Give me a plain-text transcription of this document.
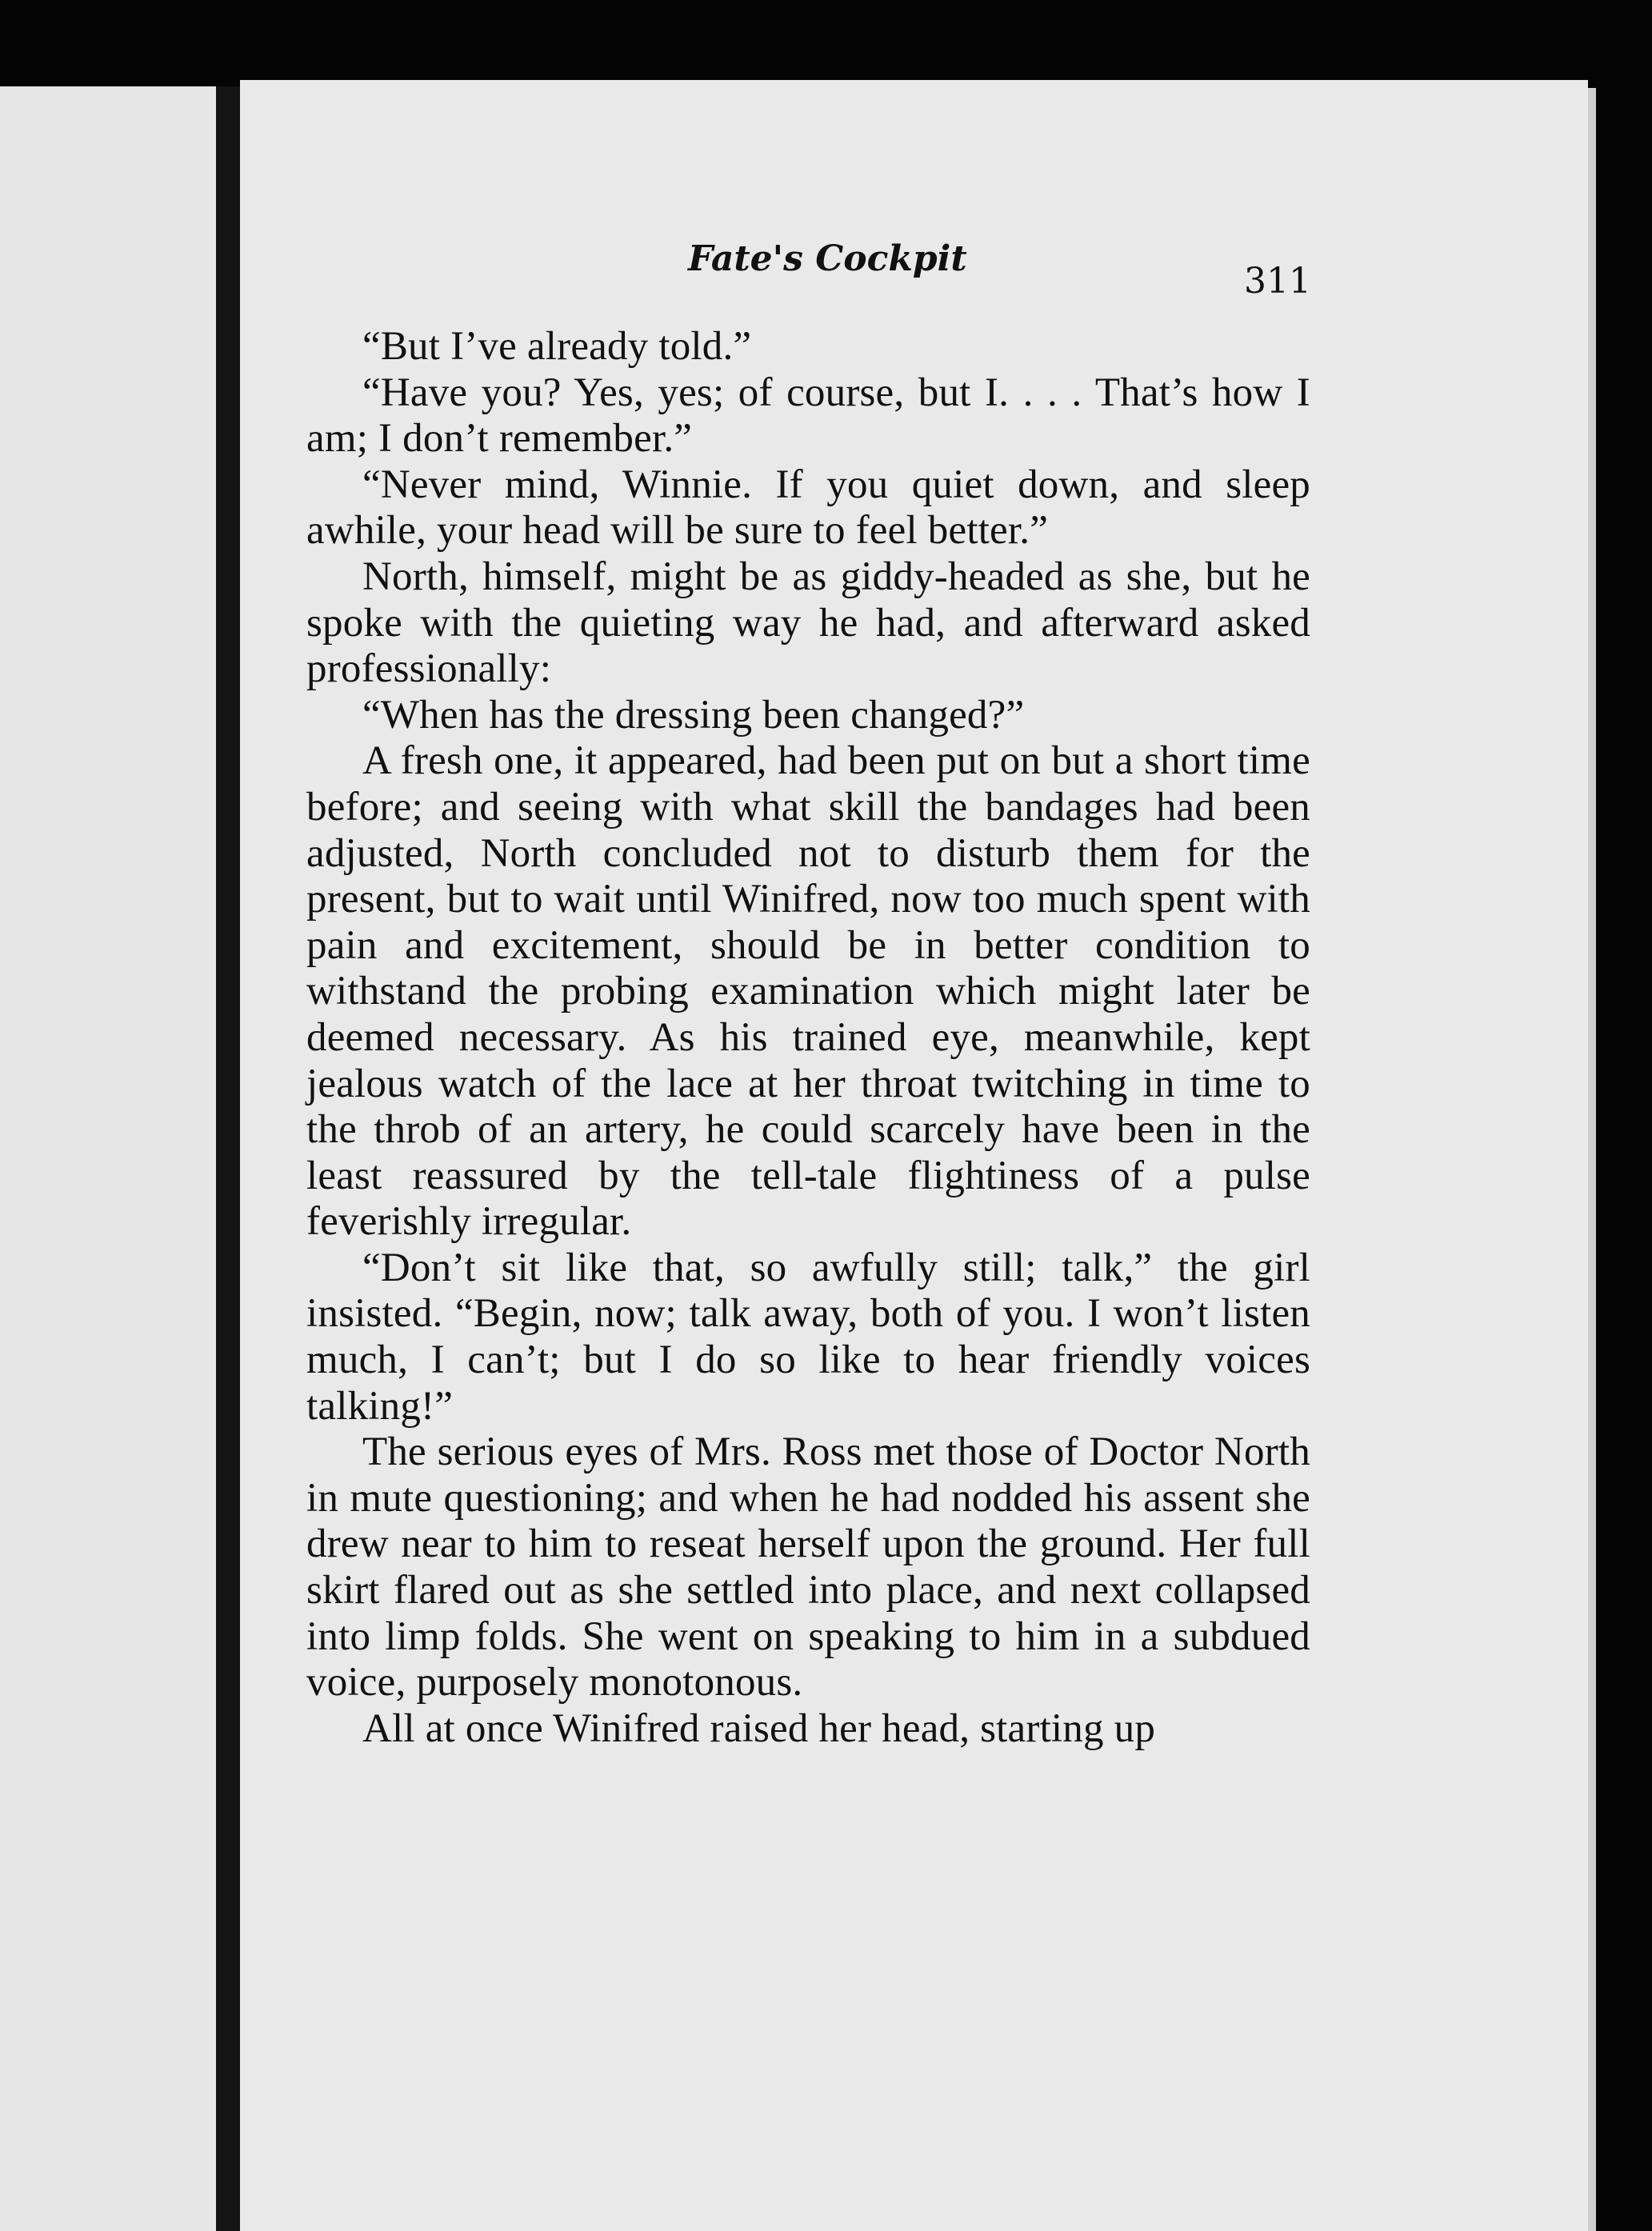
Fate's Cockpit
311

“But I’ve already told.”

“Have you? Yes, yes; of course, but I. . . . That’s how I am; I don’t remember.”

“Never mind, Winnie. If you quiet down, and sleep awhile, your head will be sure to feel better.”

North, himself, might be as giddy-headed as she, but he spoke with the quieting way he had, and afterward asked professionally:

“When has the dressing been changed?”

A fresh one, it appeared, had been put on but a short time before; and seeing with what skill the bandages had been adjusted, North concluded not to disturb them for the present, but to wait until Winifred, now too much spent with pain and excitement, should be in better condition to withstand the probing examination which might later be deemed necessary. As his trained eye, meanwhile, kept jealous watch of the lace at her throat twitching in time to the throb of an artery, he could scarcely have been in the least reassured by the tell-tale flightiness of a pulse feverishly irregular.

“Don’t sit like that, so awfully still; talk,” the girl insisted. “Begin, now; talk away, both of you. I won’t listen much, I can’t; but I do so like to hear friendly voices talking!”

The serious eyes of Mrs. Ross met those of Doctor North in mute questioning; and when he had nodded his assent she drew near to him to reseat herself upon the ground. Her full skirt flared out as she settled into place, and next collapsed into limp folds. She went on speaking to him in a subdued voice, purposely monotonous.

All at once Winifred raised her head, starting up
